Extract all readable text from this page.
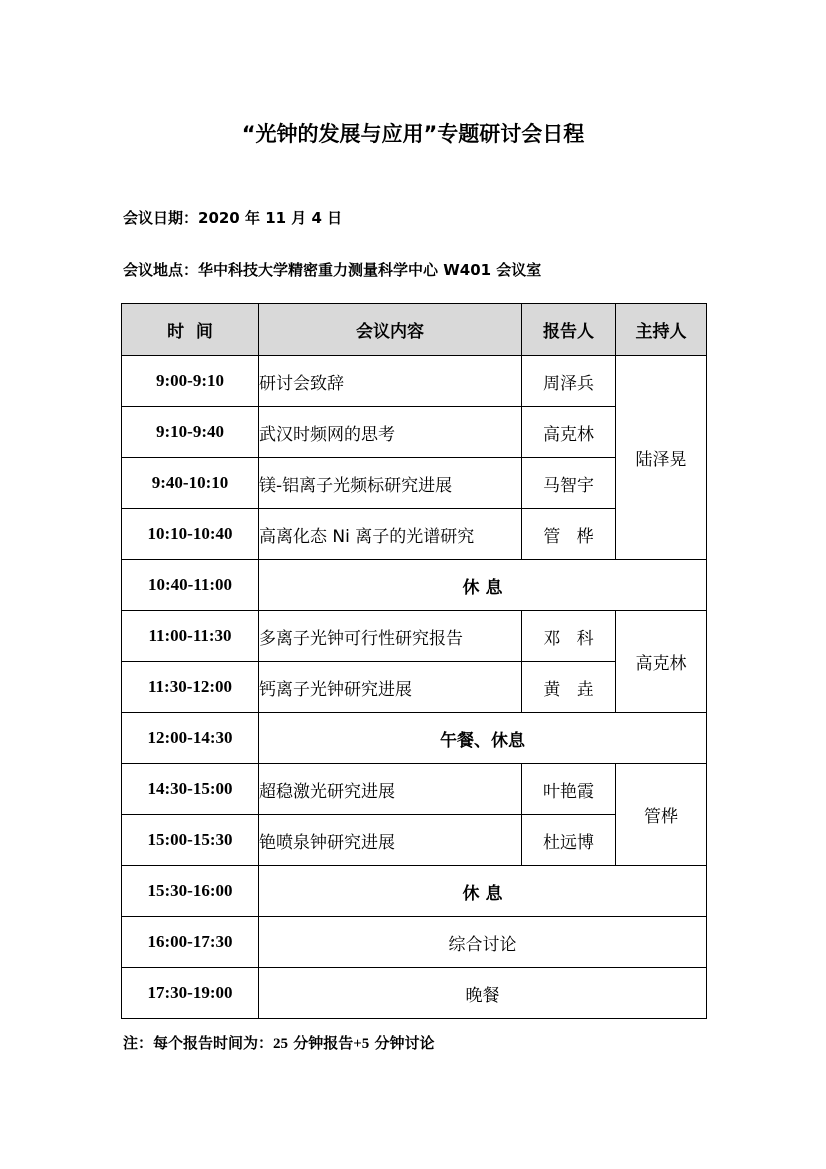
“光钟的发展与应用”专题研讨会日程
会议日期：2020 年 11 月 4 日
会议地点：华中科技大学精密重力测量科学中心 W401 会议室
时  间	会议内容	报告人	主持人
9:00-9:10	研讨会致辞	周泽兵	陆泽晃
9:10-9:40	武汉时频网的思考	高克林	
9:40-10:10	镁-铝离子光频标研究进展	马智宇	
10:10-10:40	高离化态 Ni 离子的光谱研究	管   桦	
10:40-11:00	休 息		
11:00-11:30	多离子光钟可行性研究报告	邓   科	高克林
11:30-12:00	钙离子光钟研究进展	黄   垚	
12:00-14:30	午餐、休息		
14:30-15:00	超稳激光研究进展	叶艳霞	管桦
15:00-15:30	铯喷泉钟研究进展	杜远博	
15:30-16:00	休 息		
16:00-17:30	综合讨论		
17:30-19:00	晚餐		
注：每个报告时间为：25 分钟报告+5 分钟讨论
